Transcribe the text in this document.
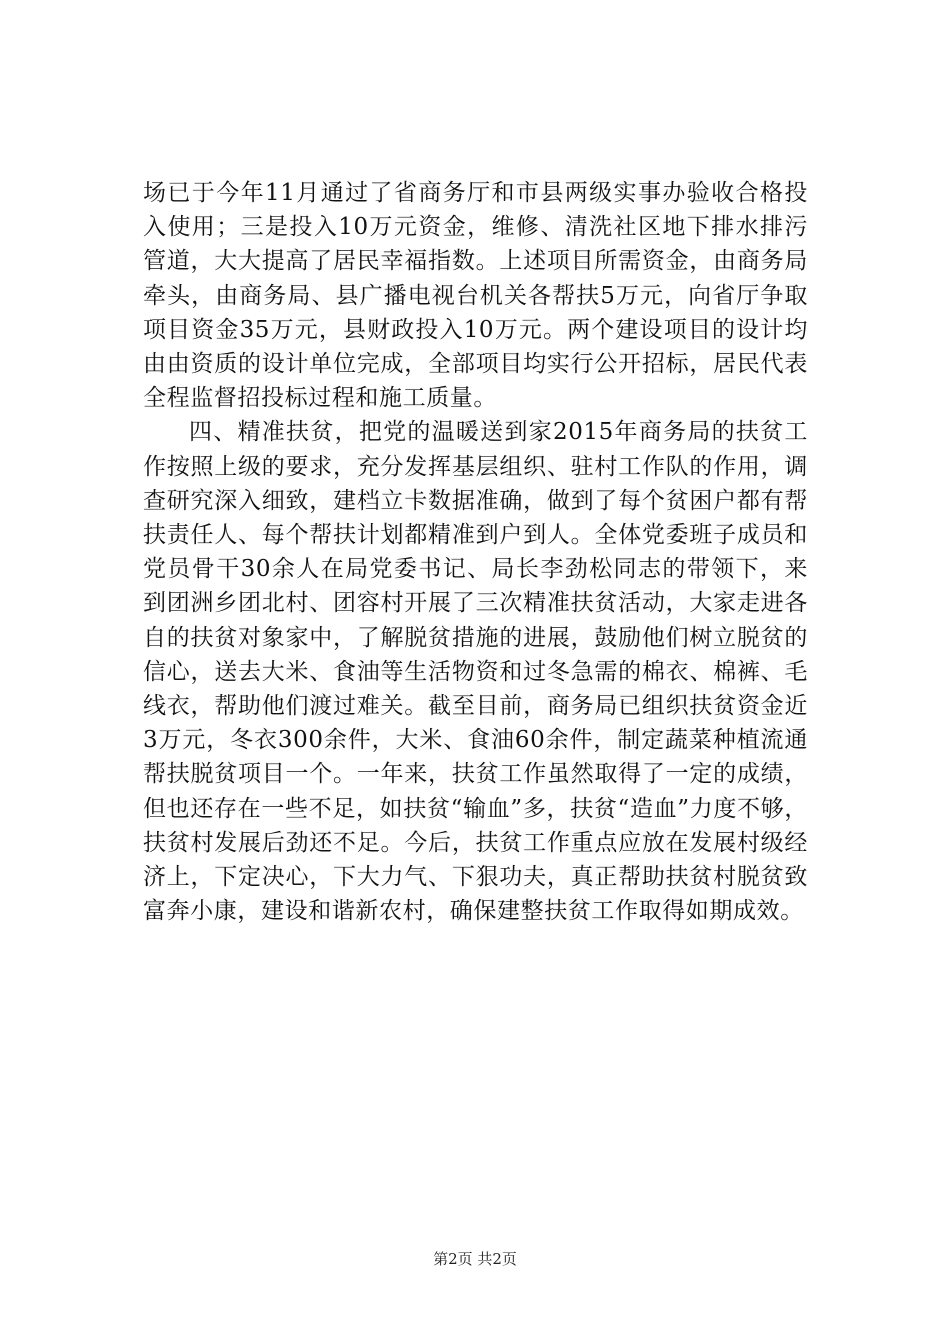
场已于今年11月通过了省商务厅和市县两级实事办验收合格投入使用；三是投入10万元资金，维修、清洗社区地下排水排污管道，大大提高了居民幸福指数。上述项目所需资金，由商务局牵头，由商务局、县广播电视台机关各帮扶5万元，向省厅争取项目资金35万元，县财政投入10万元。两个建设项目的设计均由由资质的设计单位完成，全部项目均实行公开招标，居民代表全程监督招投标过程和施工质量。

四、精准扶贫，把党的温暖送到家2015年商务局的扶贫工作按照上级的要求，充分发挥基层组织、驻村工作队的作用，调查研究深入细致，建档立卡数据准确，做到了每个贫困户都有帮扶责任人、每个帮扶计划都精准到户到人。全体党委班子成员和党员骨干30余人在局党委书记、局长李劲松同志的带领下，来到团洲乡团北村、团容村开展了三次精准扶贫活动，大家走进各自的扶贫对象家中，了解脱贫措施的进展，鼓励他们树立脱贫的信心，送去大米、食油等生活物资和过冬急需的棉衣、棉裤、毛线衣，帮助他们渡过难关。截至目前，商务局已组织扶贫资金近3万元，冬衣300余件，大米、食油60余件，制定蔬菜种植流通帮扶脱贫项目一个。一年来，扶贫工作虽然取得了一定的成绩，但也还存在一些不足，如扶贫“输血”多，扶贫“造血”力度不够，扶贫村发展后劲还不足。今后，扶贫工作重点应放在发展村级经济上，下定决心，下大力气、下狠功夫，真正帮助扶贫村脱贫致富奔小康，建设和谐新农村，确保建整扶贫工作取得如期成效。

第2页 共2页
